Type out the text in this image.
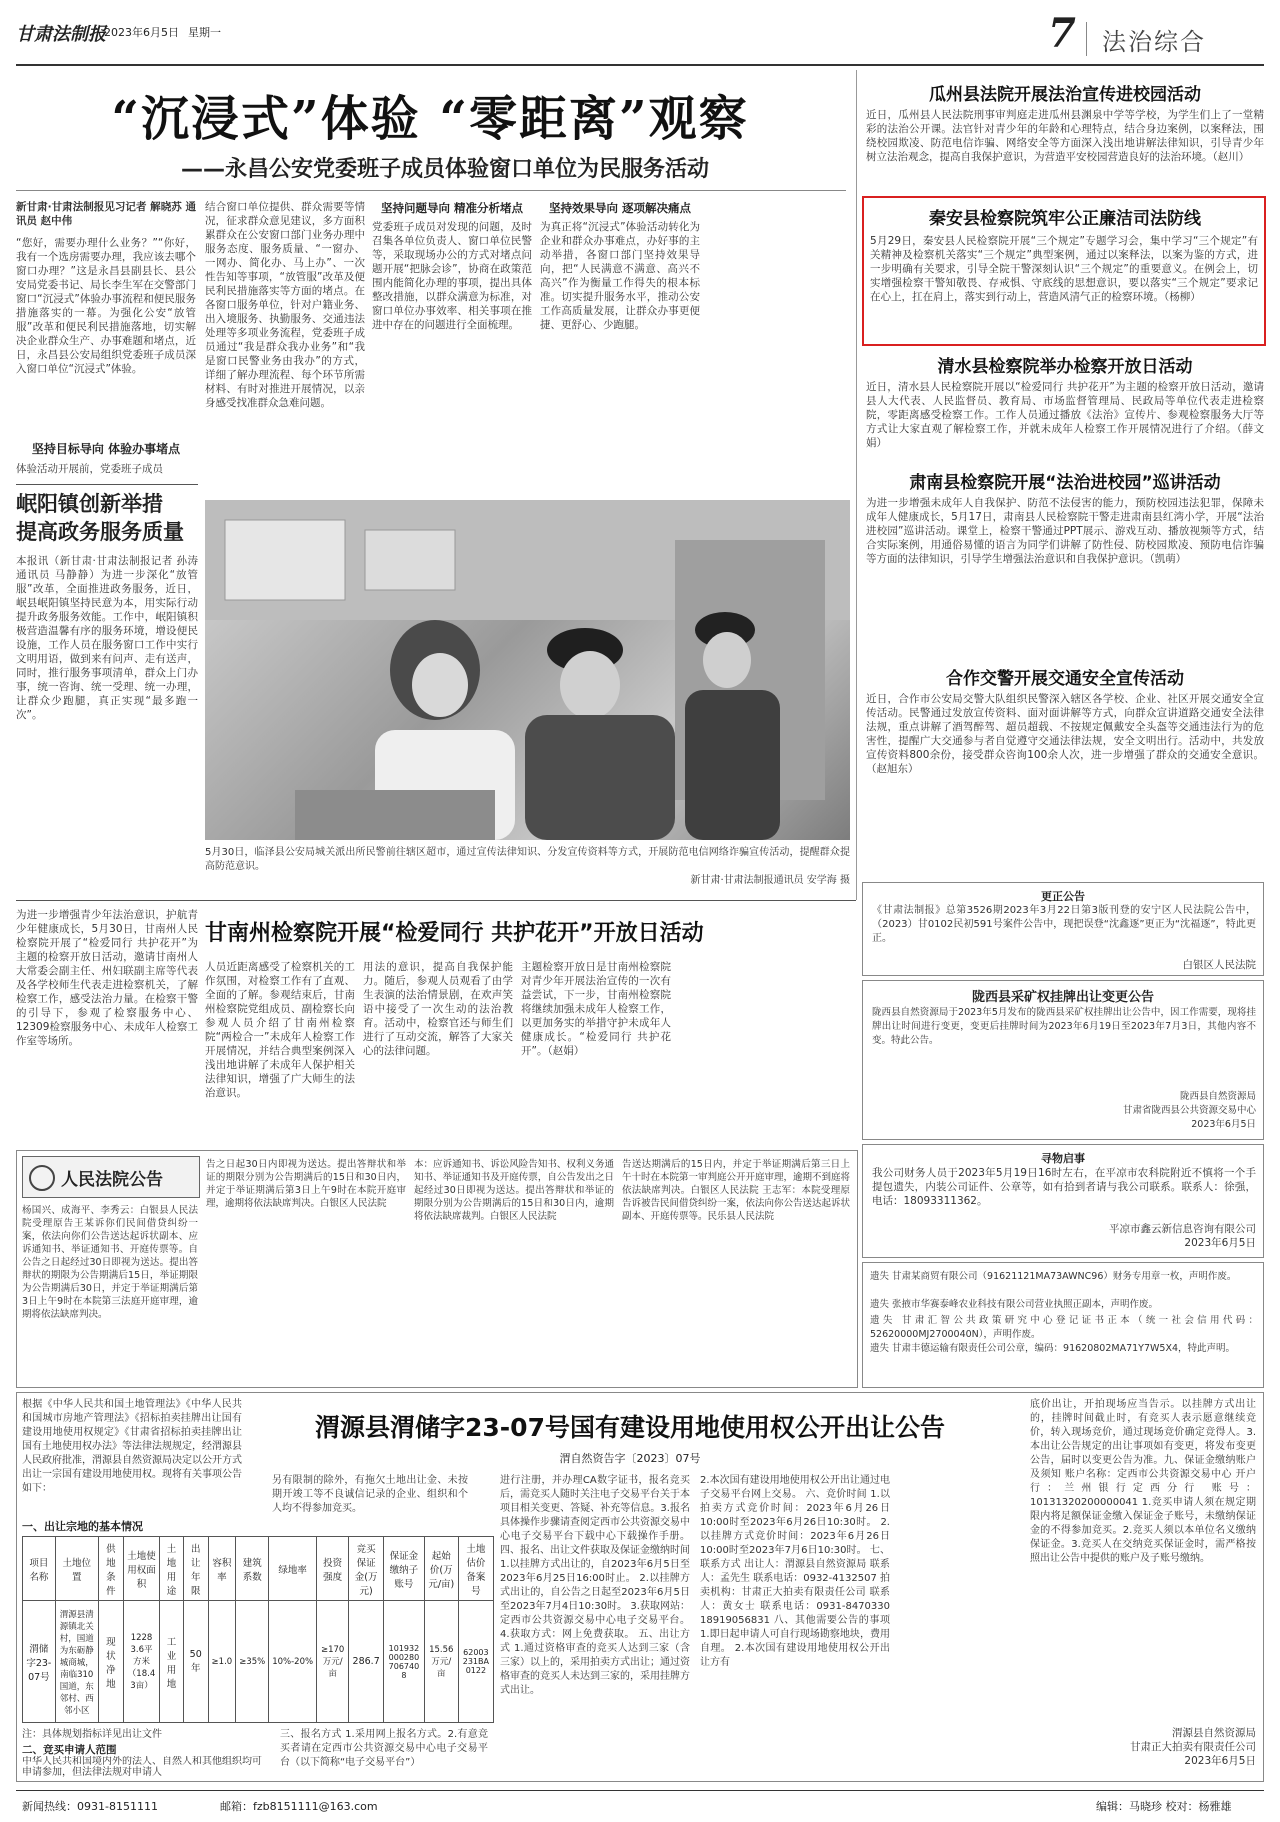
甘肃法制报
2023年6月5日 星期一	7 法治综合
“沉浸式”体验 “零距离”观察
——永昌公安党委班子成员体验窗口单位为民服务活动
新甘肃·甘肃法制报见习记者 解晓苏 通讯员 赵中伟
“您好，需要办理什么业务？”“你好，我有一个选房需要办理，我应该去哪个窗口办理？”这是永昌县副县长、县公安局党委书记、局长李生军在交警部门窗口“沉浸式”体验办事流程和便民服务措施落实的一幕。为强化公安“放管服”改革和便民利民措施落地，切实解决企业群众生产、办事难题和堵点，近日，永昌县公安局组织党委班子成员深入窗口单位“沉浸式”体验。
坚持目标导向 体验办事堵点
体验活动开展前，党委班子成员
结合窗口单位提供、群众需要等情况，征求群众意见建议，多方面积累群众在公安窗口部门业务办理中服务态度、服务质量、“一窗办、一网办、简化办、马上办”、一次性告知等事项，“放管服”改革及便民利民措施落实等方面的堵点。在各窗口服务单位，针对户籍业务、出入境服务、执勤服务、交通违法处理等多项业务流程，党委班子成员通过“我是群众我办业务”和“我是窗口民警业务由我办”的方式，详细了解办理流程、每个环节所需材料、有时对推进开展情况，以亲身感受找准群众急难问题。
坚持问题导向 精准分析堵点
党委班子成员对发现的问题，及时召集各单位负责人、窗口单位民警等，采取现场办公的方式对堵点问题开展“把脉会诊”，协商在政策范围内能简化办理的事项，提出具体整改措施，以群众满意为标准，对窗口单位办事效率、相关事项在推进中存在的问题进行全面梳理。
坚持效果导向 逐项解决痛点
为真正将“沉浸式”体验活动转化为企业和群众办事难点，办好事的主动举措，各窗口部门坚持效果导向，把“人民满意不满意、高兴不高兴”作为衡量工作得失的根本标准。切实提升服务水平，推动公安工作高质量发展，让群众办事更便捷、更舒心、少跑腿。
5月30日，临泽县公安局城关派出所民警前往辖区超市，通过宣传法律知识、分发宣传资料等方式，开展防范电信网络诈骗宣传活动，提醒群众提高防范意识。
新甘肃·甘肃法制报通讯员 安学海 摄
岷阳镇创新举措
提高政务服务质量
本报讯（新甘肃·甘肃法制报记者 孙涛 通讯员 马静静）为进一步深化“放管服”改革，全面推进政务服务，近日，岷县岷阳镇坚持民意为本，用实际行动提升政务服务效能。工作中，岷阳镇积极营造温馨有序的服务环境，增设便民设施，工作人员在服务窗口工作中实行文明用语，做到来有问声、走有送声，同时，推行服务事项清单，群众上门办事，统一咨询、统一受理、统一办理，让群众少跑腿，真正实现“最多跑一次”。
瓜州县法院开展法治宣传进校园活动
近日，瓜州县人民法院刑事审判庭走进瓜州县渊泉中学等学校，为学生们上了一堂精彩的法治公开课。法官针对青少年的年龄和心理特点，结合身边案例，以案释法，围绕校园欺凌、防范电信诈骗、网络安全等方面深入浅出地讲解法律知识，引导青少年树立法治观念，提高自我保护意识，为营造平安校园营造良好的法治环境。（赵川）
秦安县检察院筑牢公正廉洁司法防线
5月29日，秦安县人民检察院开展“三个规定”专题学习会，集中学习“三个规定”有关精神及检察机关落实“三个规定”典型案例，通过以案释法，以案为鉴的方式，进一步明确有关要求，引导全院干警深刻认识“三个规定”的重要意义。在例会上，切实增强检察干警知敬畏、存戒惧、守底线的思想意识，要以落实“三个规定”要求记在心上，扛在肩上，落实到行动上，营造风清气正的检察环境。（杨柳）
清水县检察院举办检察开放日活动
近日，清水县人民检察院开展以“检爱同行 共护花开”为主题的检察开放日活动，邀请县人大代表、人民监督员、教育局、市场监督管理局、民政局等单位代表走进检察院，零距离感受检察工作。工作人员通过播放《法治》宣传片、参观检察服务大厅等方式让大家直观了解检察工作，并就未成年人检察工作开展情况进行了介绍。（薛文娟）
肃南县检察院开展“法治进校园”巡讲活动
为进一步增强未成年人自我保护、防范不法侵害的能力，预防校园违法犯罪，保障未成年人健康成长，5月17日，肃南县人民检察院干警走进肃南县红湾小学，开展“法治进校园”巡讲活动。课堂上，检察干警通过PPT展示、游戏互动、播放视频等方式，结合实际案例，用通俗易懂的语言为同学们讲解了防性侵、防校园欺凌、预防电信诈骗等方面的法律知识，引导学生增强法治意识和自我保护意识。（凯萌）
合作交警开展交通安全宣传活动
近日，合作市公安局交警大队组织民警深入辖区各学校、企业、社区开展交通安全宣传活动。民警通过发放宣传资料、面对面讲解等方式，向群众宣讲道路交通安全法律法规，重点讲解了酒驾醉驾、超员超载、不按规定佩戴安全头盔等交通违法行为的危害性，提醒广大交通参与者自觉遵守交通法律法规，安全文明出行。活动中，共发放宣传资料800余份，接受群众咨询100余人次，进一步增强了群众的交通安全意识。（赵旭东）
为进一步增强青少年法治意识，护航青少年健康成长，5月30日，甘南州人民检察院开展了“检爱同行 共护花开”为主题的检察开放日活动，邀请甘南州人大常委会副主任、州妇联副主席等代表及各学校师生代表走进检察机关，了解检察工作，感受法治力量。在检察干警的引导下，参观了检察服务中心、12309检察服务中心、未成年人检察工作室等场所。
甘南州检察院开展“检爱同行 共护花开”开放日活动
人员近距离感受了检察机关的工作氛围，对检察工作有了直观、全面的了解。参观结束后，甘南州检察院党组成员、副检察长向参观人员介绍了甘南州检察院“两检合一”未成年人检察工作开展情况，并结合典型案例深入浅出地讲解了未成年人保护相关法律知识，增强了广大师生的法治意识。
用法的意识，提高自我保护能力。随后，参观人员观看了由学生表演的法治情景剧，在欢声笑语中接受了一次生动的法治教育。活动中，检察官还与师生们进行了互动交流，解答了大家关心的法律问题。
主题检察开放日是甘南州检察院对青少年开展法治宣传的一次有益尝试，下一步，甘南州检察院将继续加强未成年人检察工作，以更加务实的举措守护未成年人健康成长。“检爱同行 共护花开”。（赵娟）
更正公告
《甘肃法制报》总第3526期2023年3月22日第3版刊登的安宁区人民法院公告中，（2023）甘0102民初591号案件公告中，现把误登“沈鑫逐”更正为“沈福逐”，特此更正。
白银区人民法院
陇西县采矿权挂牌出让变更公告
陇西县自然资源局于2023年5月发布的陇西县采矿权挂牌出让公告中，因工作需要，现将挂牌出让时间进行变更，变更后挂牌时间为2023年6月19日至2023年7月3日，其他内容不变。特此公告。
陇西县自然资源局
甘肃省陇西县公共资源交易中心
2023年6月5日
寻物启事
我公司财务人员于2023年5月19日16时左右，在平凉市农科院附近不慎将一个手提包遗失，内装公司证件、公章等，如有拾到者请与我公司联系。联系人：徐强，电话：18093311362。
平凉市鑫云新信息咨询有限公司
2023年6月5日
遗失 甘肃某商贸有限公司（91621121MA73AWNC96）财务专用章一枚，声明作废。
遗失 张掖市华赛泰峰农业科技有限公司营业执照正副本，声明作废。
遗失 甘肃汇智公共政策研究中心登记证书正本（统一社会信用代码：52620000MJ2700040N），声明作废。
遗失 甘肃丰德运输有限责任公司公章，编码：91620802MA71Y7W5X4，特此声明。
人民法院公告
杨国兴、成海平、李秀云：白银县人民法院受理原告王某诉你们民间借贷纠纷一案，依法向你们公告送达起诉状副本、应诉通知书、举证通知书、开庭传票等。自公告之日起经过30日即视为送达。提出答辩状的期限为公告期满后15日，举证期限为公告期满后30日，并定于举证期满后第3日上午9时在本院第三法庭开庭审理，逾期将依法缺席判决。
告之日起30日内即视为送达。提出答辩状和举证的期限分别为公告期满后的15日和30日内，并定于举证期满后第3日上午9时在本院开庭审理，逾期将依法缺席判决。白银区人民法院
本：应诉通知书、诉讼风险告知书、权利义务通知书、举证通知书及开庭传票，自公告发出之日起经过30日即视为送达。提出答辩状和举证的期限分别为公告期满后的15日和30日内，逾期将依法缺席裁判。白银区人民法院
告送达期满后的15日内，并定于举证期满后第三日上午十时在本院第一审判庭公开开庭审理，逾期不到庭将依法缺席判决。白银区人民法院 王志军：本院受理原告诉被告民间借贷纠纷一案，依法向你公告送达起诉状副本、开庭传票等。民乐县人民法院
根据《中华人民共和国土地管理法》《中华人民共和国城市房地产管理法》《招标拍卖挂牌出让国有建设用地使用权规定》《甘肃省招标拍卖挂牌出让国有土地使用权办法》等法律法规规定，经渭源县人民政府批准，渭源县自然资源局决定以公开方式出让一宗国有建设用地使用权。现将有关事项公告如下：
渭源县渭储字23-07号国有建设用地使用权公开出让公告
渭自然资告字〔2023〕07号
一、出让宗地的基本情况
项目名称	土地位置	供地条件	土地使用权面积	土地用途	出让年限	容积率	建筑系数	绿地率	投资强度	竞买保证金(万元)	保证金缴纳子账号	起始价(万元/亩)	土地估价备案号
渭储字23-07号	渭源县清源镇北关村，国道为东砺静城商城，南临310国道，东邻村、西邻小区	现状净地	12283.6平方米（18.43亩）	工业用地	50年	≥1.0	≥35%	10%-20%	≥170万元/亩	286.7	1019320002807067408	15.56万元/亩	62003231BA0122
注：具体规划指标详见出让文件
二、竞买申请人范围
中华人民共和国境内外的法人、自然人和其他组织均可申请参加，但法律法规对申请人
另有限制的除外，有拖欠土地出让金、未按期开竣工等不良诚信记录的企业、组织和个人均不得参加竞买。
三、报名方式 1.采用网上报名方式。2.有意竞买者请在定西市公共资源交易中心电子交易平台（以下简称“电子交易平台”）
进行注册，并办理CA数字证书，报名竞买后，需竞买人随时关注电子交易平台关于本项目相关变更、答疑、补充等信息。3.报名具体操作步骤请查阅定西市公共资源交易中心电子交易平台下载中心下载操作手册。四、报名、出让文件获取及保证金缴纳时间 1.以挂牌方式出让的，自2023年6月5日至2023年6月25日16:00时止。 2.以挂牌方式出让的，自公告之日起至2023年6月5日至2023年7月4日10:30时。 3.获取网站：定西市公共资源交易中心电子交易平台。 4.获取方式：网上免费获取。 五、出让方式 1.通过资格审查的竞买人达到三家（含三家）以上的，采用拍卖方式出让；通过资格审查的竞买人未达到三家的，采用挂牌方式出让。
2.本次国有建设用地使用权公开出让通过电子交易平台网上交易。 六、竞价时间 1.以拍卖方式竞价时间：2023年6月26日10:00时至2023年6月26日10:30时。 2.以挂牌方式竞价时间：2023年6月26日10:00时至2023年7月6日10:30时。 七、联系方式 出让人：渭源县自然资源局 联系人：孟先生 联系电话：0932-4132507 拍卖机构：甘肃正大拍卖有限责任公司 联系人：黄女士 联系电话：0931-8470330 18919056831 八、其他需要公告的事项 1.即日起申请人可自行现场勘察地块，费用自理。 2.本次国有建设用地使用权公开出让方有
底价出让，开拍现场应当告示。以挂牌方式出让的，挂牌时间截止时，有竞买人表示愿意继续竞价，转入现场竞价，通过现场竞价确定竞得人。3.本出让公告规定的出让事项如有变更，将发布变更公告，届时以变更公告为准。九、保证金缴纳账户及须知 账户名称：定西市公共资源交易中心 开户行：兰州银行定西分行 账号：10131320200000041 1.竞买申请人须在规定期限内将足额保证金缴入保证金子账号，未缴纳保证金的不得参加竞买。2.竞买人须以本单位名义缴纳保证金。3.竞买人在交纳竞买保证金时，需严格按照出让公告中提供的账户及子账号缴纳。
渭源县自然资源局
甘肃正大拍卖有限责任公司
2023年6月5日
新闻热线：0931-8151111	邮箱：fzb8151111@163.com	编辑：马晓珍 校对：杨雅雄
